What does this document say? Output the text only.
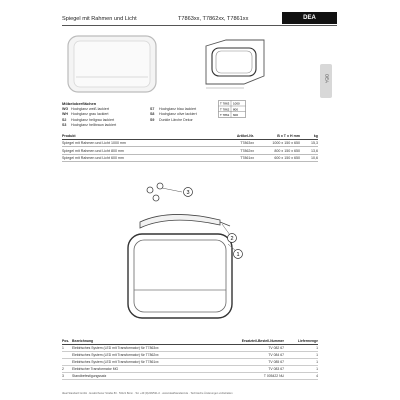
Spiegel mit Rahmen und Licht	T7863xx, T7862xx, T7861xx	DEA
DEA
T 7863 1000
T 7862 800
T 7861 600
Möbeloberflächen
WG Hochglanz weiß lackiert
WH Hochglanz grau lackiert
S2 Hochglanz hellgrau lackiert
S3 Hochglanz hellbraun lackiert
S7 Hochglanz blau lackiert
S8 Hochglanz olive lackiert
S9 Dunkle Lärche Dekor
Produkt	Artikel-Nr.	B x T x H mm	kg
Spiegel mit Rahmen und Licht 1000 mm	T7863xx	1000 x 150 x 650	15,3
Spiegel mit Rahmen und Licht 800 mm	T7862xx	800 x 150 x 650	13,6
Spiegel mit Rahmen und Licht 600 mm	T7861xx	600 x 150 x 650	10,6
3
2
1
Pos.	Bezeichnung	Ersatzteil-Bestell-Nummer	Liefermenge
1	Elektrisches System (LED mit Transformator) für T7863xx	TV 082 67	1
	Elektrisches System (LED mit Transformator) für T7862xx	TV 084 67	1
	Elektrisches System (LED mit Transformator) für T7861xx	TV 085 67	1
2	Elektrischer Transformator MG	TV 083 67	1
3	Standbefestigungssatz	T 005422 NU	4
Ideal Standard GmbH · Euskirchener Straße 80 · 53121 Bonn · Tel. +49 (0)228/521-0 · www.IdealStandard.de · Technische Änderungen vorbehalten
